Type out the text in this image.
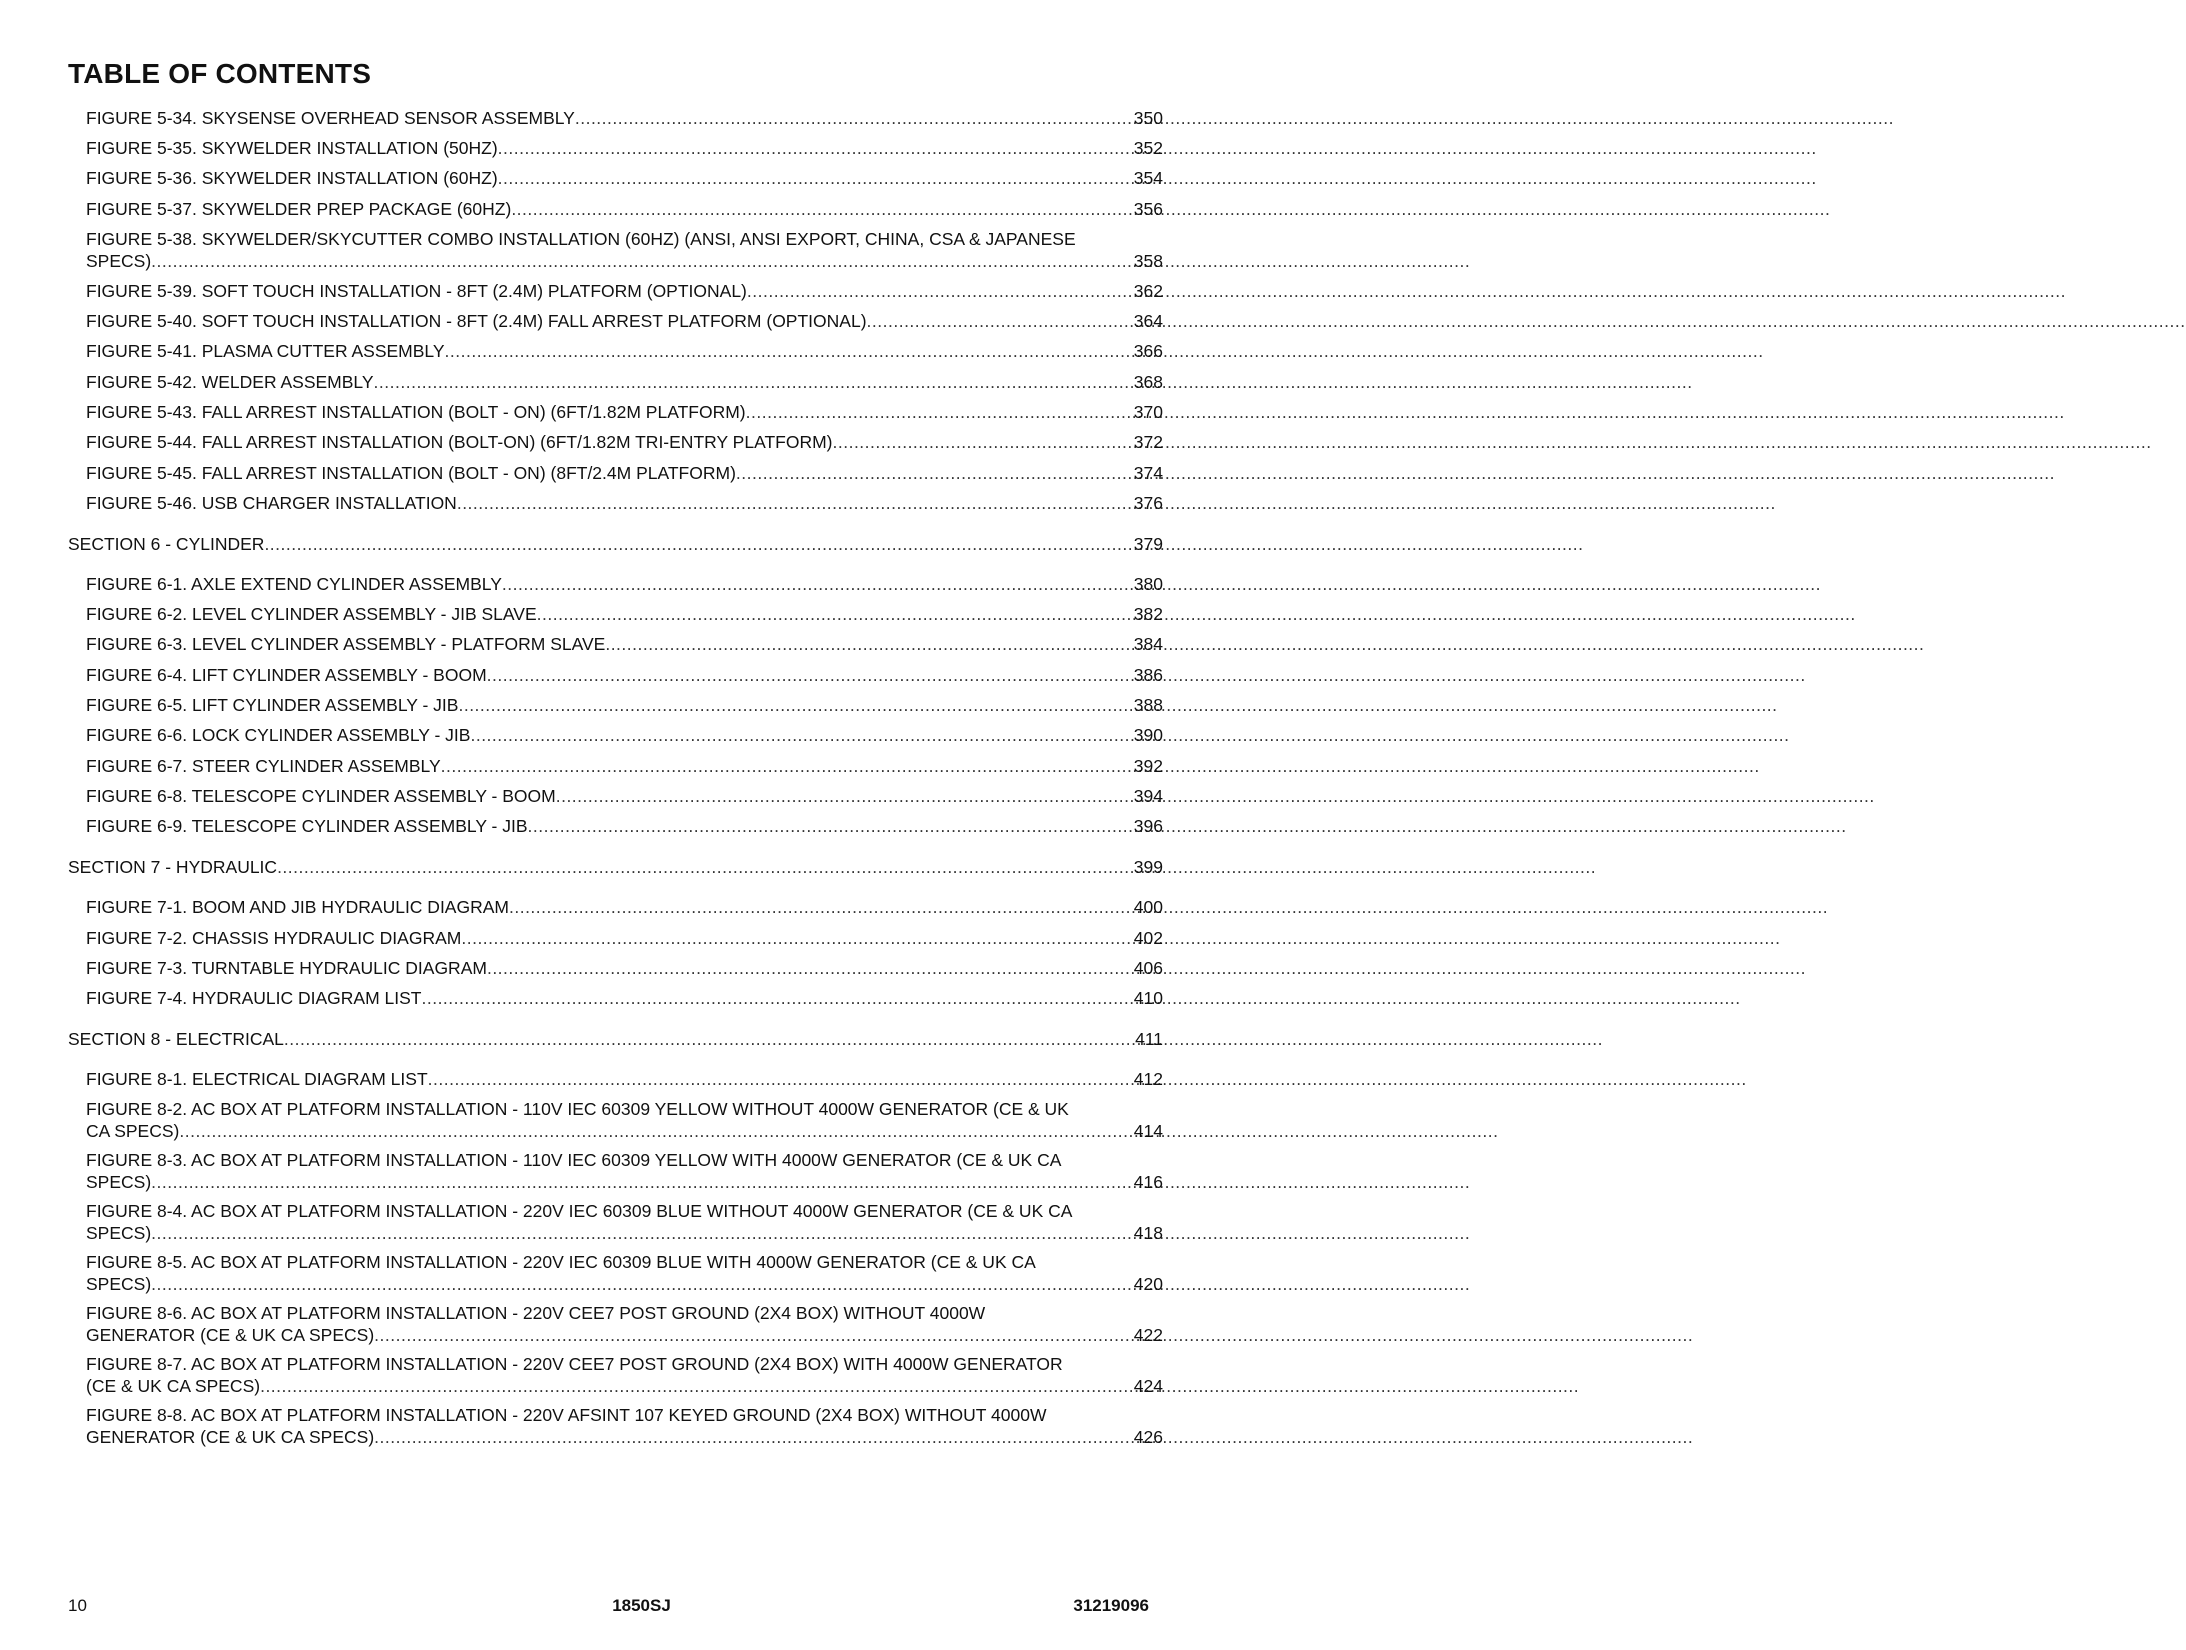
TABLE OF CONTENTS
FIGURE 5-34. SKYSENSE OVERHEAD SENSOR ASSEMBLY .....	350
FIGURE 5-35. SKYWELDER INSTALLATION (50HZ) .....	352
FIGURE 5-36. SKYWELDER INSTALLATION (60HZ) .....	354
FIGURE 5-37. SKYWELDER PREP PACKAGE (60HZ) .....	356
FIGURE 5-38. SKYWELDER/SKYCUTTER COMBO INSTALLATION (60HZ) (ANSI, ANSI EXPORT, CHINA, CSA & JAPANESE
SPECS) .....	358
FIGURE 5-39. SOFT TOUCH INSTALLATION - 8FT (2.4M) PLATFORM (OPTIONAL) .....	362
FIGURE 5-40. SOFT TOUCH INSTALLATION - 8FT (2.4M) FALL ARREST PLATFORM (OPTIONAL) .....	364
FIGURE 5-41. PLASMA CUTTER ASSEMBLY .....	366
FIGURE 5-42. WELDER ASSEMBLY .....	368
FIGURE 5-43. FALL ARREST INSTALLATION (BOLT - ON) (6FT/1.82M PLATFORM) .....	370
FIGURE 5-44. FALL ARREST INSTALLATION (BOLT-ON) (6FT/1.82M TRI-ENTRY PLATFORM) .....	372
FIGURE 5-45. FALL ARREST INSTALLATION (BOLT - ON) (8FT/2.4M PLATFORM) .....	374
FIGURE 5-46. USB CHARGER INSTALLATION .....	376
SECTION 6 - CYLINDER .....	379
FIGURE 6-1. AXLE EXTEND CYLINDER ASSEMBLY .....	380
FIGURE 6-2. LEVEL CYLINDER ASSEMBLY - JIB SLAVE .....	382
FIGURE 6-3. LEVEL CYLINDER ASSEMBLY - PLATFORM SLAVE .....	384
FIGURE 6-4. LIFT CYLINDER ASSEMBLY - BOOM .....	386
FIGURE 6-5. LIFT CYLINDER ASSEMBLY - JIB .....	388
FIGURE 6-6. LOCK CYLINDER ASSEMBLY - JIB .....	390
FIGURE 6-7. STEER CYLINDER ASSEMBLY .....	392
FIGURE 6-8. TELESCOPE CYLINDER ASSEMBLY - BOOM .....	394
FIGURE 6-9. TELESCOPE CYLINDER ASSEMBLY - JIB .....	396
SECTION 7 - HYDRAULIC .....	399
FIGURE 7-1. BOOM AND JIB HYDRAULIC DIAGRAM .....	400
FIGURE 7-2. CHASSIS HYDRAULIC DIAGRAM .....	402
FIGURE 7-3. TURNTABLE HYDRAULIC DIAGRAM .....	406
FIGURE 7-4. HYDRAULIC DIAGRAM LIST .....	410
SECTION 8 - ELECTRICAL .....	411
FIGURE 8-1. ELECTRICAL DIAGRAM LIST .....	412
FIGURE 8-2. AC BOX AT PLATFORM INSTALLATION - 110V IEC 60309 YELLOW WITHOUT 4000W GENERATOR (CE & UK
CA SPECS) .....	414
FIGURE 8-3. AC BOX AT PLATFORM INSTALLATION - 110V IEC 60309 YELLOW WITH 4000W GENERATOR (CE & UK CA
SPECS) .....	416
FIGURE 8-4. AC BOX AT PLATFORM INSTALLATION - 220V IEC 60309 BLUE WITHOUT 4000W GENERATOR (CE & UK CA
SPECS) .....	418
FIGURE 8-5. AC BOX AT PLATFORM INSTALLATION - 220V IEC 60309 BLUE WITH 4000W GENERATOR (CE & UK CA
SPECS) .....	420
FIGURE 8-6. AC BOX AT PLATFORM INSTALLATION - 220V CEE7 POST GROUND (2X4 BOX) WITHOUT 4000W
GENERATOR (CE & UK CA SPECS) .....	422
FIGURE 8-7. AC BOX AT PLATFORM INSTALLATION - 220V CEE7 POST GROUND (2X4 BOX) WITH 4000W GENERATOR
(CE & UK CA SPECS) .....	424
FIGURE 8-8. AC BOX AT PLATFORM INSTALLATION - 220V AFSINT 107 KEYED GROUND (2X4 BOX) WITHOUT 4000W
GENERATOR (CE & UK CA SPECS) .....	426
10	1850SJ	31219096
